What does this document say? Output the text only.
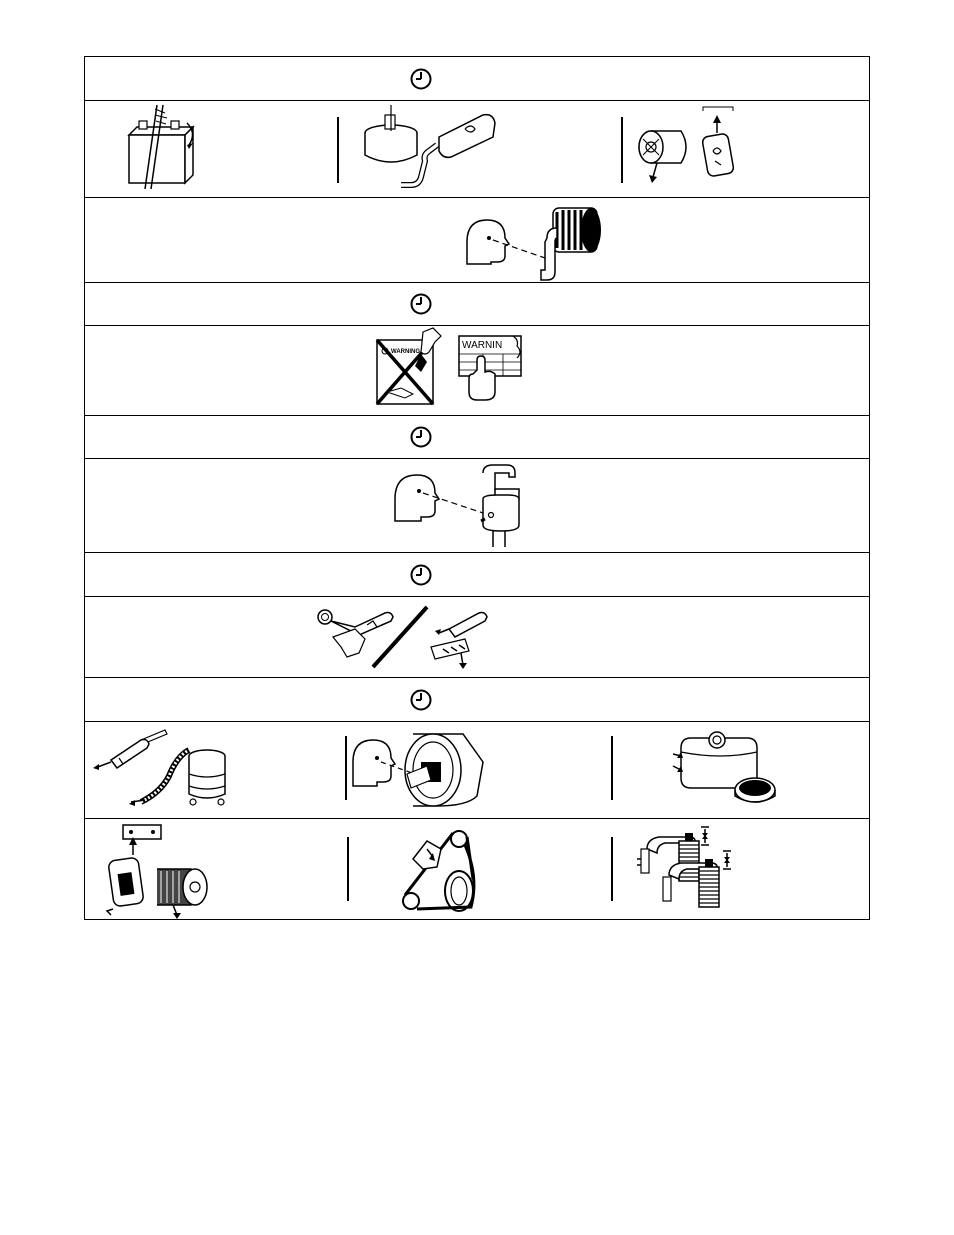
WARNING
WARNIN
